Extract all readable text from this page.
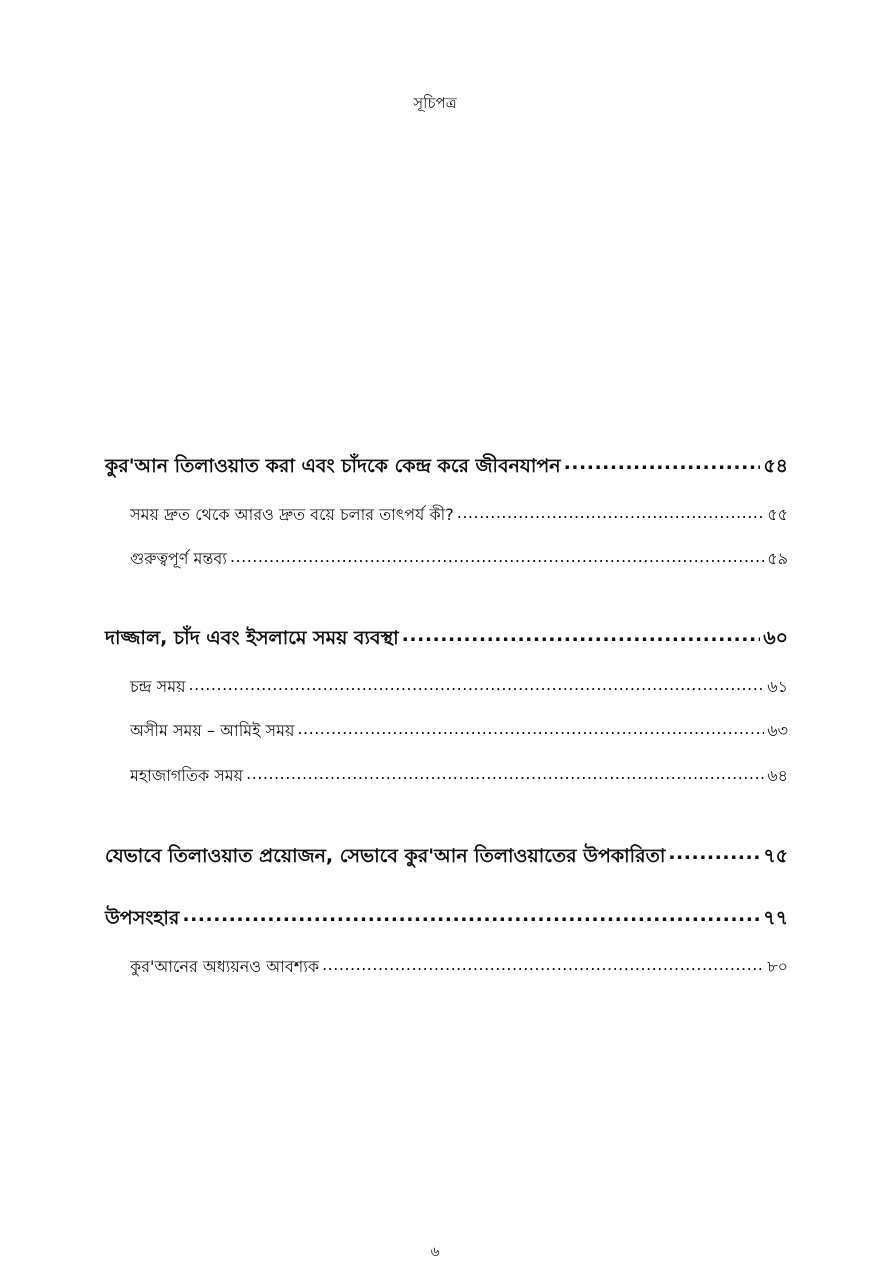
সূচিপত্র
কুর'আন তিলাওয়াত করা এবং চাঁদকে কেন্দ্র করে জীবনযাপন .....	৫৪
সময় দ্রুত থেকে আরও দ্রুত বয়ে চলার তাৎপর্য কী? .....	৫৫
গুরুত্বপূর্ণ মন্তব্য .....	৫৯
দাজ্জাল, চাঁদ এবং ইসলামে সময় ব্যবস্থা .....	৬০
চন্দ্র সময় .....	৬১
অসীম সময় – আমিই সময় .....	৬৩
মহাজাগতিক সময় .....	৬৪
যেভাবে তিলাওয়াত প্রয়োজন, সেভাবে কুর'আন তিলাওয়াতের উপকারিতা .....	৭৫
উপসংহার .....	৭৭
কুর'আনের অধ্যয়নও আবশ্যক .....	৮০
৬
